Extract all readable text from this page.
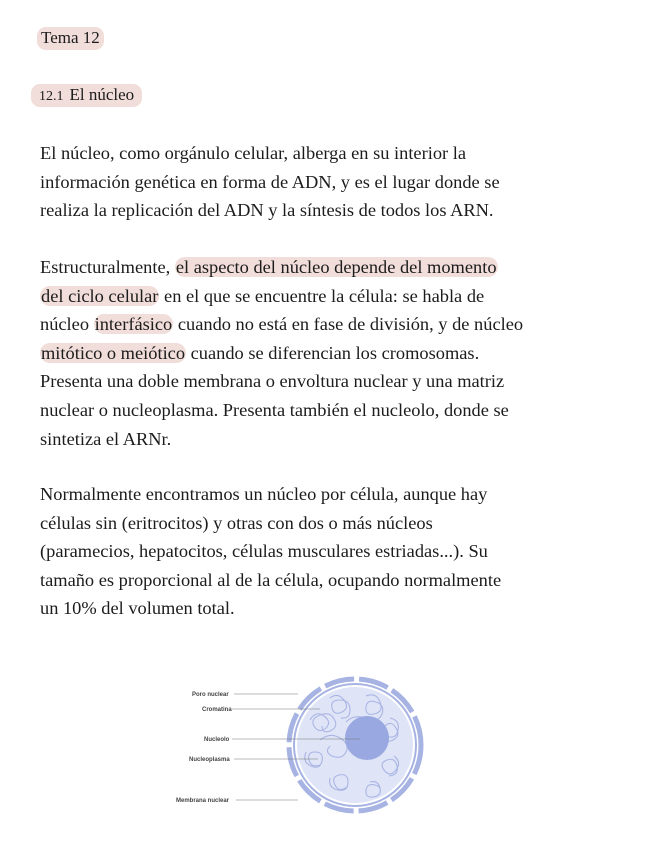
Tema 12
12.1 El núcleo
El núcleo, como orgánulo celular, alberga en su interior la
información genética en forma de ADN, y es el lugar donde se
realiza la replicación del ADN y la síntesis de todos los ARN.
Estructuralmente, el aspecto del núcleo depende del momento
del ciclo celular en el que se encuentre la célula: se habla de
núcleo interfásico cuando no está en fase de división, y de núcleo
mitótico o meiótico cuando se diferencian los cromosomas.
Presenta una doble membrana o envoltura nuclear y una matriz
nuclear o nucleoplasma. Presenta también el nucleolo, donde se
sintetiza el ARNr.
Normalmente encontramos un núcleo por célula, aunque hay
células sin (eritrocitos) y otras con dos o más núcleos
(paramecios, hepatocitos, células musculares estriadas...). Su
tamaño es proporcional al de la célula, ocupando normalmente
un 10% del volumen total.
Poro nuclear
Cromatina
Nucleolo
Nucleoplasma
Membrana nuclear
